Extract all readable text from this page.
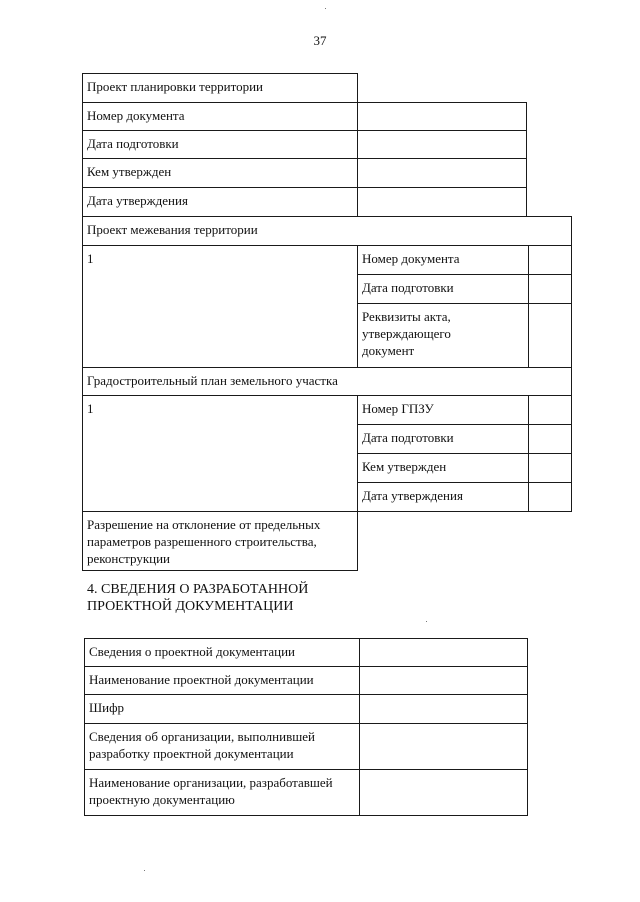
37
Проект планировки территории
Номер документа
Дата подготовки
Кем утвержден
Дата утверждения
Проект межевания территории
1	Номер документа
Дата подготовки
Реквизиты акта, утверждающего документ
Градостроительный план земельного участка
1	Номер ГПЗУ
Дата подготовки
Кем утвержден
Дата утверждения
Разрешение на отклонение от предельных параметров разрешенного строительства, реконструкции
4. СВЕДЕНИЯ О РАЗРАБОТАННОЙ ПРОЕКТНОЙ ДОКУМЕНТАЦИИ
Сведения о проектной документации
Наименование проектной документации
Шифр
Сведения об организации, выполнившей разработку проектной документации
Наименование организации, разработавшей проектную документацию
